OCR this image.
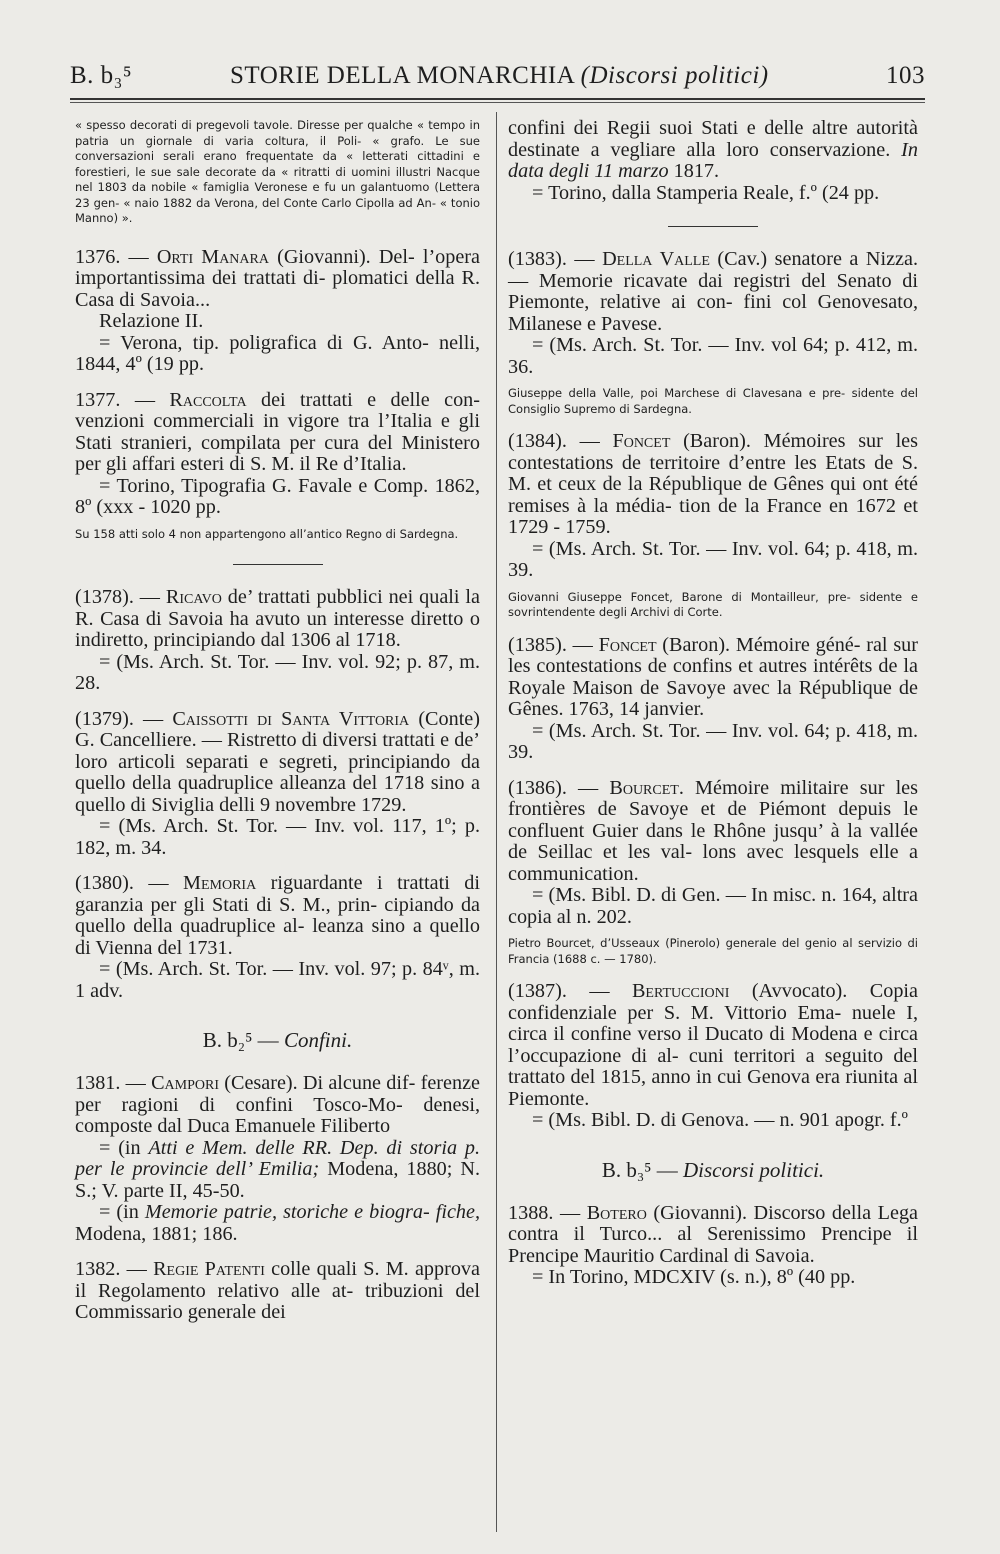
B. b₃⁵	STORIE DELLA MONARCHIA (Discorsi politici)	103

« spesso decorati di pregevoli tavole. Diresse per qualche « tempo in patria un giornale di varia coltura, il Poli- « grafo. Le sue conversazioni serali erano frequentate da « letterati cittadini e forestieri, le sue sale decorate da « ritratti di uomini illustri Nacque nel 1803 da nobile « famiglia Veronese e fu un galantuomo (Lettera 23 gen- « naio 1882 da Verona, del Conte Carlo Cipolla ad An- « tonio Manno) ».

1376. — Orti Manara (Giovanni). Del- l’opera importantissima dei trattati di- plomatici della R. Casa di Savoia...

Relazione II.

= Verona, tip. poligrafica di G. Anto- nelli, 1844, 4º (19 pp.

1377. — Raccolta dei trattati e delle con- venzioni commerciali in vigore tra l’Italia e gli Stati stranieri, compilata per cura del Ministero per gli affari esteri di S. M. il Re d’Italia.

= Torino, Tipografia G. Favale e Comp. 1862, 8º (xxx - 1020 pp.

Su 158 atti solo 4 non appartengono all’antico Regno di Sardegna.

(1378). — Ricavo de’ trattati pubblici nei quali la R. Casa di Savoia ha avuto un interesse diretto o indiretto, principiando dal 1306 al 1718.

= (Ms. Arch. St. Tor. — Inv. vol. 92; p. 87, m. 28.

(1379). — Caissotti di Santa Vittoria (Conte) G. Cancelliere. — Ristretto di diversi trattati e de’ loro articoli separati e segreti, principiando da quello della quadruplice alleanza del 1718 sino a quello di Siviglia delli 9 novembre 1729.

= (Ms. Arch. St. Tor. — Inv. vol. 117, 1º; p. 182, m. 34.

(1380). — Memoria riguardante i trattati di garanzia per gli Stati di S. M., prin- cipiando da quello della quadruplice al- leanza sino a quello di Vienna del 1731.

= (Ms. Arch. St. Tor. — Inv. vol. 97; p. 84ᵛ, m. 1 adv.

B. b₂⁵ — Confini.

1381. — Campori (Cesare). Di alcune dif- ferenze per ragioni di confini Tosco-Mo- denesi, composte dal Duca Emanuele Filiberto

= (in Atti e Mem. delle RR. Dep. di storia p. per le provincie dell’ Emilia; Modena, 1880; N. S.; V. parte II, 45-50.

= (in Memorie patrie, storiche e biogra- fiche, Modena, 1881; 186.

1382. — Regie Patenti colle quali S. M. approva il Regolamento relativo alle at- tribuzioni del Commissario generale dei

confini dei Regii suoi Stati e delle altre autorità destinate a vegliare alla loro conservazione. In data degli 11 marzo 1817.

= Torino, dalla Stamperia Reale, f.º (24 pp.

(1383). — Della Valle (Cav.) senatore a Nizza. — Memorie ricavate dai registri del Senato di Piemonte, relative ai con- fini col Genovesato, Milanese e Pavese.

= (Ms. Arch. St. Tor. — Inv. vol 64; p. 412, m. 36.

Giuseppe della Valle, poi Marchese di Clavesana e pre- sidente del Consiglio Supremo di Sardegna.

(1384). — Foncet (Baron). Mémoires sur les contestations de territoire d’entre les Etats de S. M. et ceux de la République de Gênes qui ont été remises à la média- tion de la France en 1672 et 1729 - 1759.

= (Ms. Arch. St. Tor. — Inv. vol. 64; p. 418, m. 39.

Giovanni Giuseppe Foncet, Barone di Montailleur, pre- sidente e sovrintendente degli Archivi di Corte.

(1385). — Foncet (Baron). Mémoire géné- ral sur les contestations de confins et autres intérêts de la Royale Maison de Savoye avec la République de Gênes. 1763, 14 janvier.

= (Ms. Arch. St. Tor. — Inv. vol. 64; p. 418, m. 39.

(1386). — Bourcet. Mémoire militaire sur les frontières de Savoye et de Piémont depuis le confluent Guier dans le Rhône jusqu’ à la vallée de Seillac et les val- lons avec lesquels elle a communication.

= (Ms. Bibl. D. di Gen. — In misc. n. 164, altra copia al n. 202.

Pietro Bourcet, d’Usseaux (Pinerolo) generale del genio al servizio di Francia (1688 c. — 1780).

(1387). — Bertuccioni (Avvocato). Copia confidenziale per S. M. Vittorio Ema- nuele I, circa il confine verso il Ducato di Modena e circa l’occupazione di al- cuni territori a seguito del trattato del 1815, anno in cui Genova era riunita al Piemonte.

= (Ms. Bibl. D. di Genova. — n. 901 apogr. f.º

B. b₃⁵ — Discorsi politici.

1388. — Botero (Giovanni). Discorso della Lega contra il Turco... al Serenissimo Prencipe il Prencipe Mauritio Cardinal di Savoia.

= In Torino, MDCXIV (s. n.), 8º (40 pp.
